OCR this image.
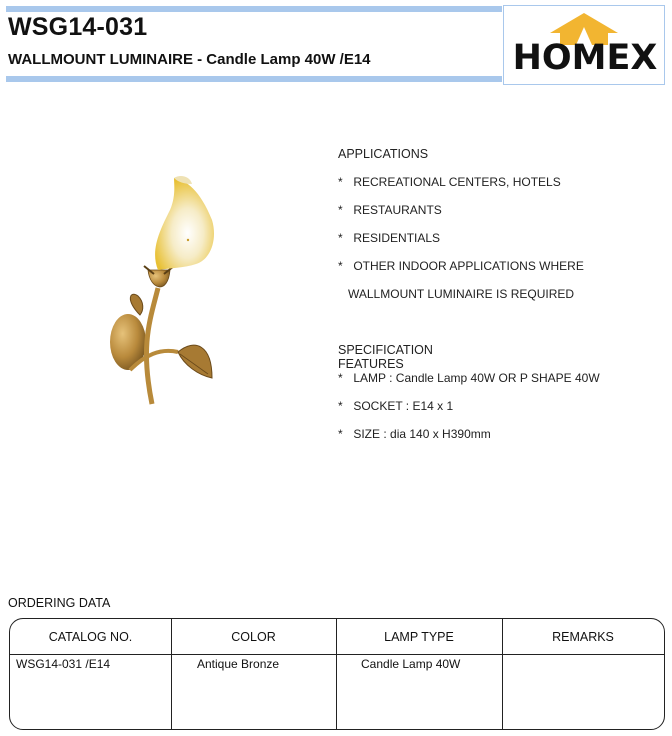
WSG14-031
WALLMOUNT LUMINAIRE - Candle Lamp 40W /E14	HOMEX
APPLICATIONS
* RECREATIONAL CENTERS, HOTELS
* RESTAURANTS
* RESIDENTIALS
* OTHER INDOOR APPLICATIONS WHERE
WALLMOUNT LUMINAIRE IS REQUIRED
SPECIFICATION FEATURES
* LAMP : Candle Lamp 40W OR P SHAPE 40W
* SOCKET : E14 x 1
* SIZE : dia 140 x H390mm
ORDERING DATA
CATALOG NO.	COLOR	LAMP TYPE	REMARKS
WSG14-031 /E14	Antique Bronze	Candle Lamp 40W
